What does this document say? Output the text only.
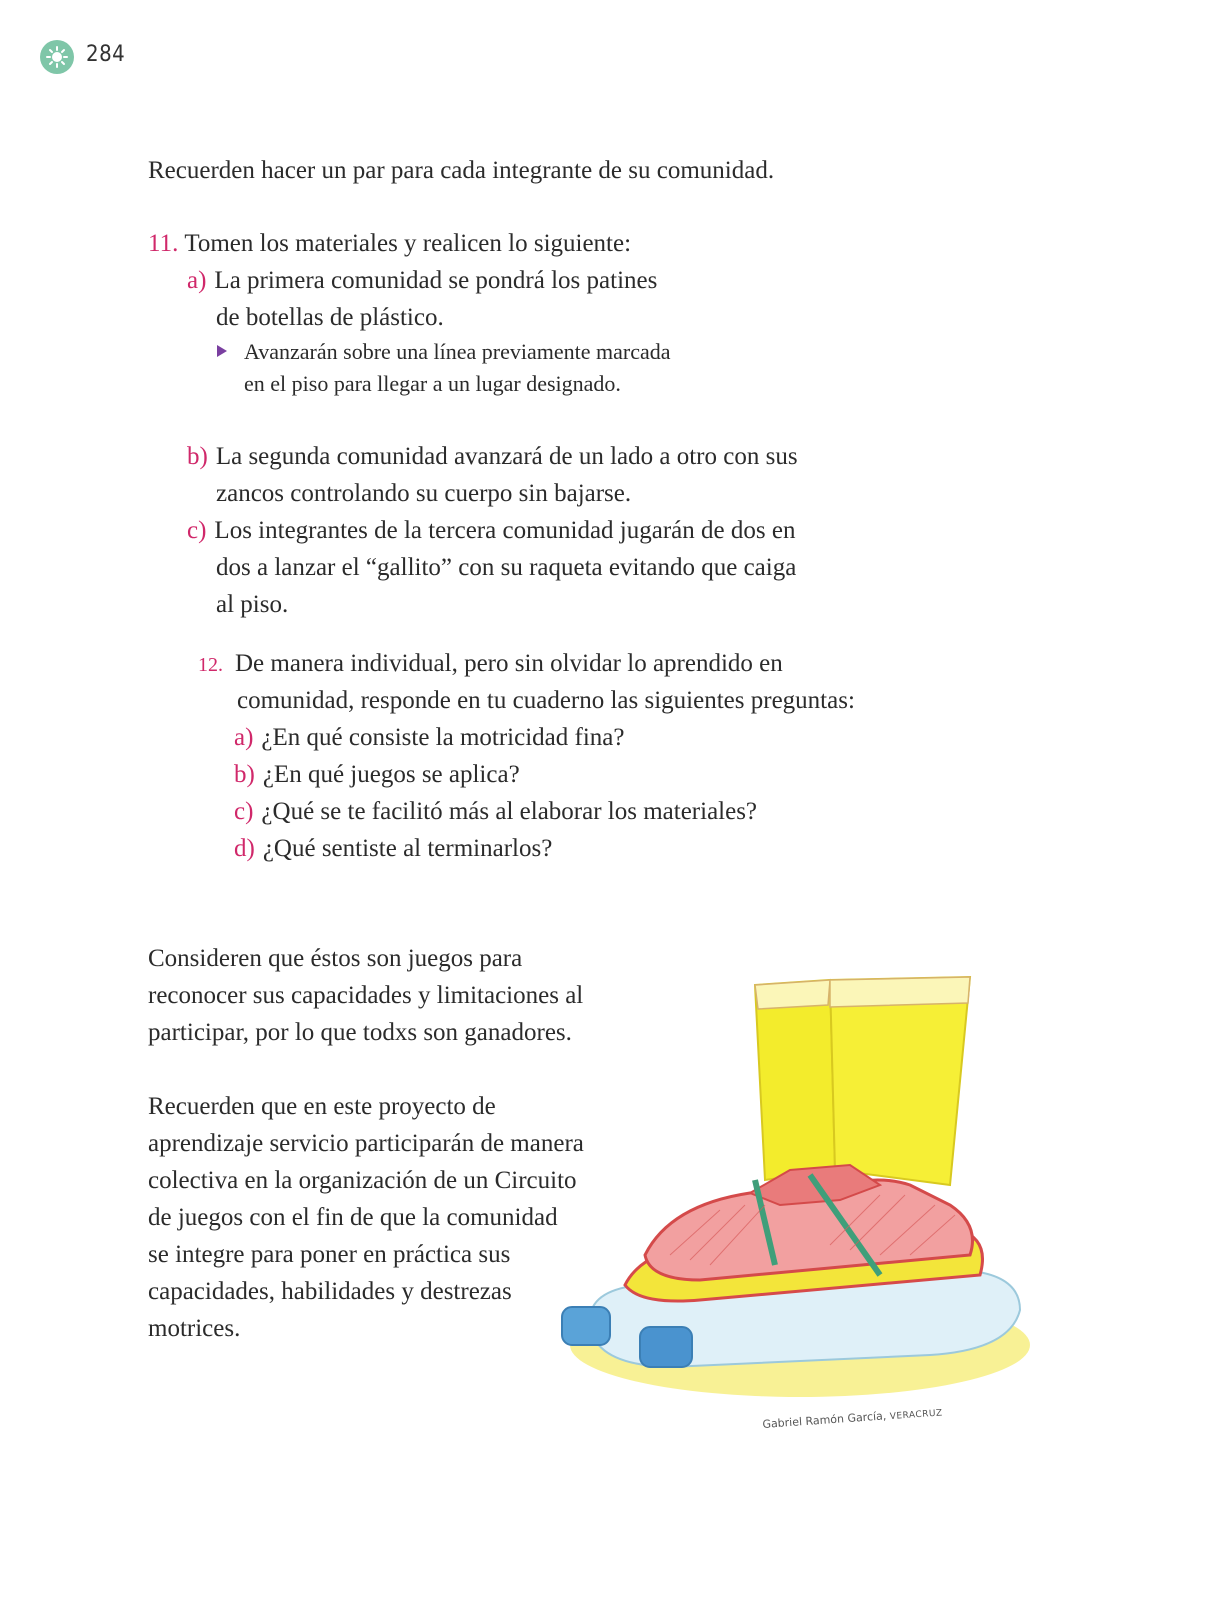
284
Recuerden hacer un par para cada integrante de su comunidad.
11. Tomen los materiales y realicen lo siguiente:
a) La primera comunidad se pondrá los patines
de botellas de plástico.
Avanzarán sobre una línea previamente marcada
en el piso para llegar a un lugar designado.
b) La segunda comunidad avanzará de un lado a otro con sus
zancos controlando su cuerpo sin bajarse.
c) Los integrantes de la tercera comunidad jugarán de dos en
dos a lanzar el “gallito” con su raqueta evitando que caiga
al piso.
12. De manera individual, pero sin olvidar lo aprendido en
comunidad, responde en tu cuaderno las siguientes preguntas:
a) ¿En qué consiste la motricidad fina?
b) ¿En qué juegos se aplica?
c) ¿Qué se te facilitó más al elaborar los materiales?
d) ¿Qué sentiste al terminarlos?
Consideren que éstos son juegos para
reconocer sus capacidades y limitaciones al
participar, por lo que todxs son ganadores.
Recuerden que en este proyecto de
aprendizaje servicio participarán de manera
colectiva en la organización de un Circuito
de juegos con el fin de que la comunidad
se integre para poner en práctica sus
capacidades, habilidades y destrezas
motrices.
Gabriel Ramón García, VERACRUZ
